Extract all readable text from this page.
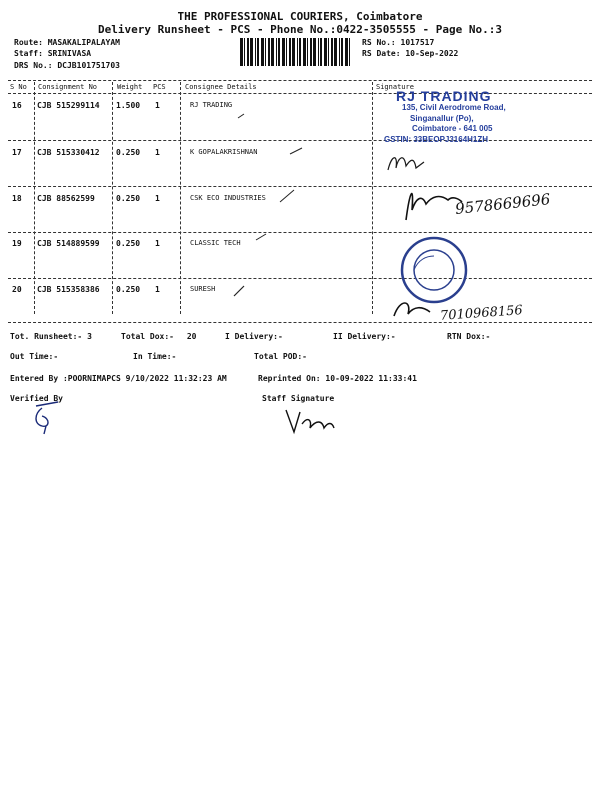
THE PROFESSIONAL COURIERS, Coimbatore
Delivery Runsheet - PCS - Phone No.:0422-3505555 - Page No.:3
Route: MASAKALIPALAYAM
Staff: SRINIVASA
DRS No.: DCJB101751703
RS No.: 1017517
RS Date: 10-Sep-2022
S No Consignment No	Weight PCS	Consignee Details	Signature
16 CJB 515299114 1.500 1	RJ TRADING
17 CJB 515330412 0.250 1	K GOPALAKRISHNAN
18 CJB 88562599	0.250 1	CSK ECO INDUSTRIES
19 CJB 514889599 0.250 1	CLASSIC TECH
20 CJB 515358386 0.250 1	SURESH
RJ TRADING
135, Civil Aerodrome Road,
Singanallur (Po),
Coimbatore - 641 005
GSTIN: 33BEOPJ3164H1ZH
9578669696
7010968156
Tot. Runsheet:- 3	Total Dox:- 20	I Delivery:-	II Delivery:-	RTN Dox:-
Out Time:-	In Time:-	Total POD:-
Entered By :POORNIMAPCS 9/10/2022 11:32:23 AM	Reprinted On: 10-09-2022 11:33:41
Verified By	Staff Signature
